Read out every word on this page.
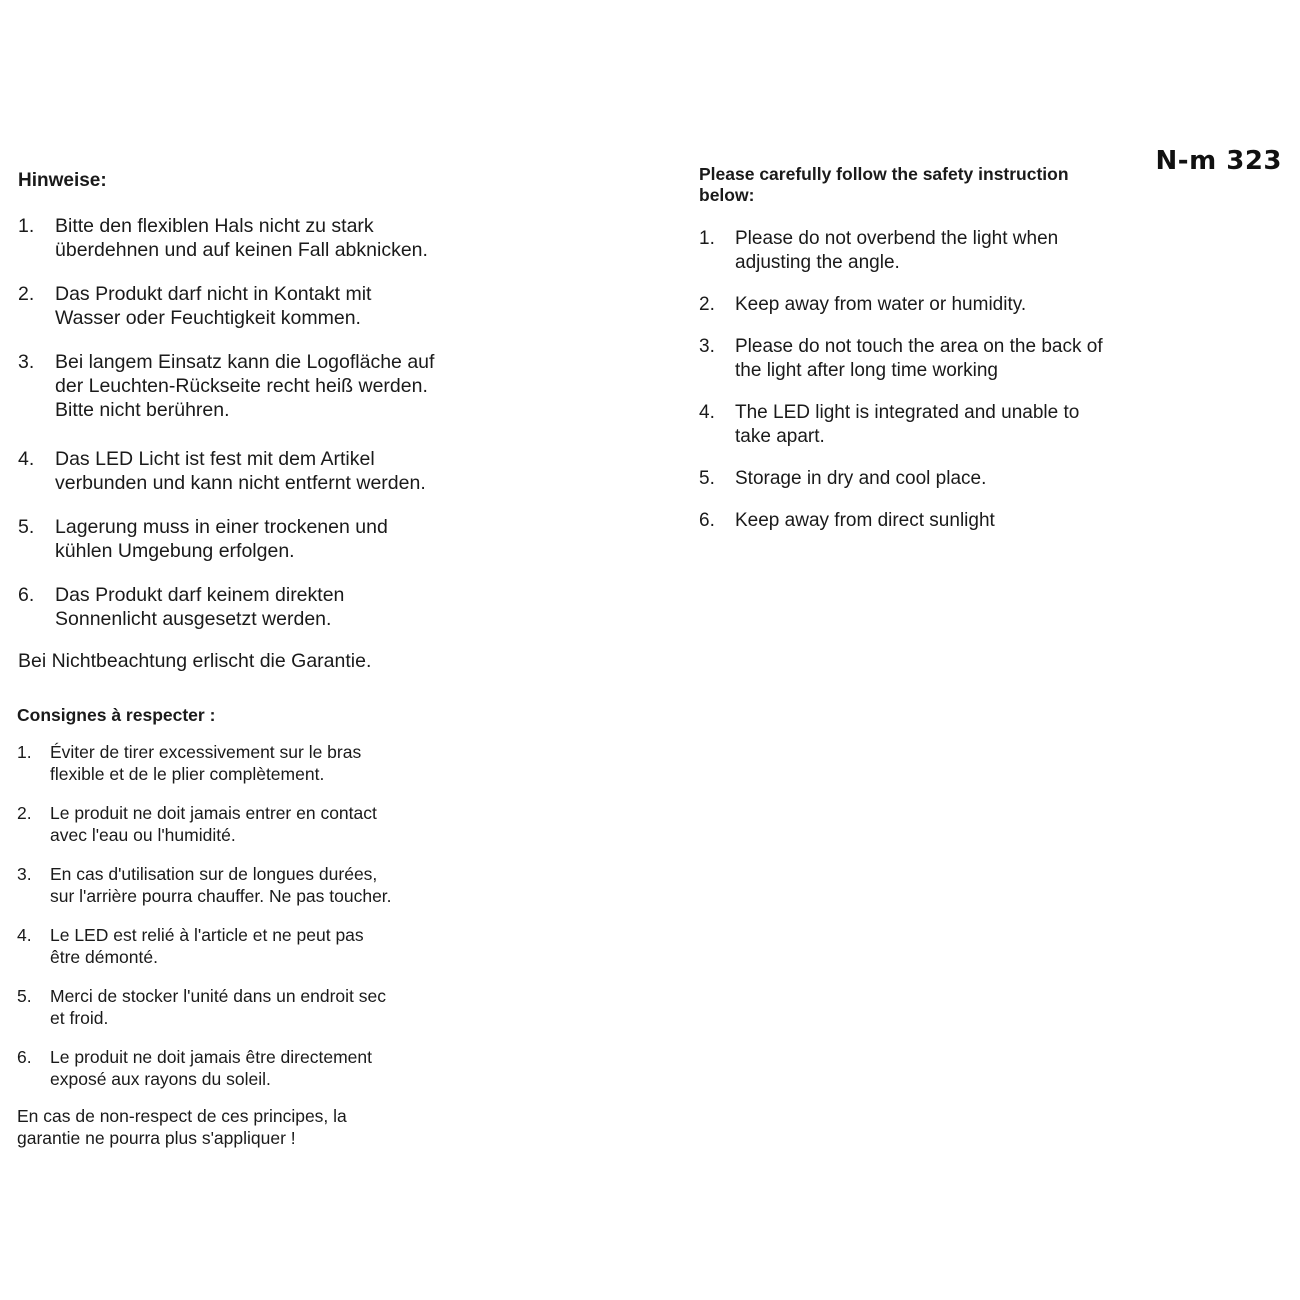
N-m 323
Hinweise:
1. Bitte den flexiblen Hals nicht zu stark
überdehnen und auf keinen Fall abknicken.
2. Das Produkt darf nicht in Kontakt mit
Wasser oder Feuchtigkeit kommen.
3. Bei langem Einsatz kann die Logofläche auf
der Leuchten-Rückseite recht heiß werden.
Bitte nicht berühren.
4. Das LED Licht ist fest mit dem Artikel
verbunden und kann nicht entfernt werden.
5. Lagerung muss in einer trockenen und
kühlen Umgebung erfolgen.
6. Das Produkt darf keinem direkten
Sonnenlicht ausgesetzt werden.
Bei Nichtbeachtung erlischt die Garantie.
Consignes à respecter :
1. Éviter de tirer excessivement sur le bras
flexible et de le plier complètement.
2. Le produit ne doit jamais entrer en contact
avec l'eau ou l'humidité.
3. En cas d'utilisation sur de longues durées,
sur l'arrière pourra chauffer. Ne pas toucher.
4. Le LED est relié à l'article et ne peut pas
être démonté.
5. Merci de stocker l'unité dans un endroit sec
et froid.
6. Le produit ne doit jamais être directement
exposé aux rayons du soleil.
En cas de non-respect de ces principes, la
garantie ne pourra plus s'appliquer !
Please carefully follow the safety instruction
below:
1. Please do not overbend the light when
adjusting the angle.
2. Keep away from water or humidity.
3. Please do not touch the area on the back of
the light after long time working
4. The LED light is integrated and unable to
take apart.
5. Storage in dry and cool place.
6. Keep away from direct sunlight
